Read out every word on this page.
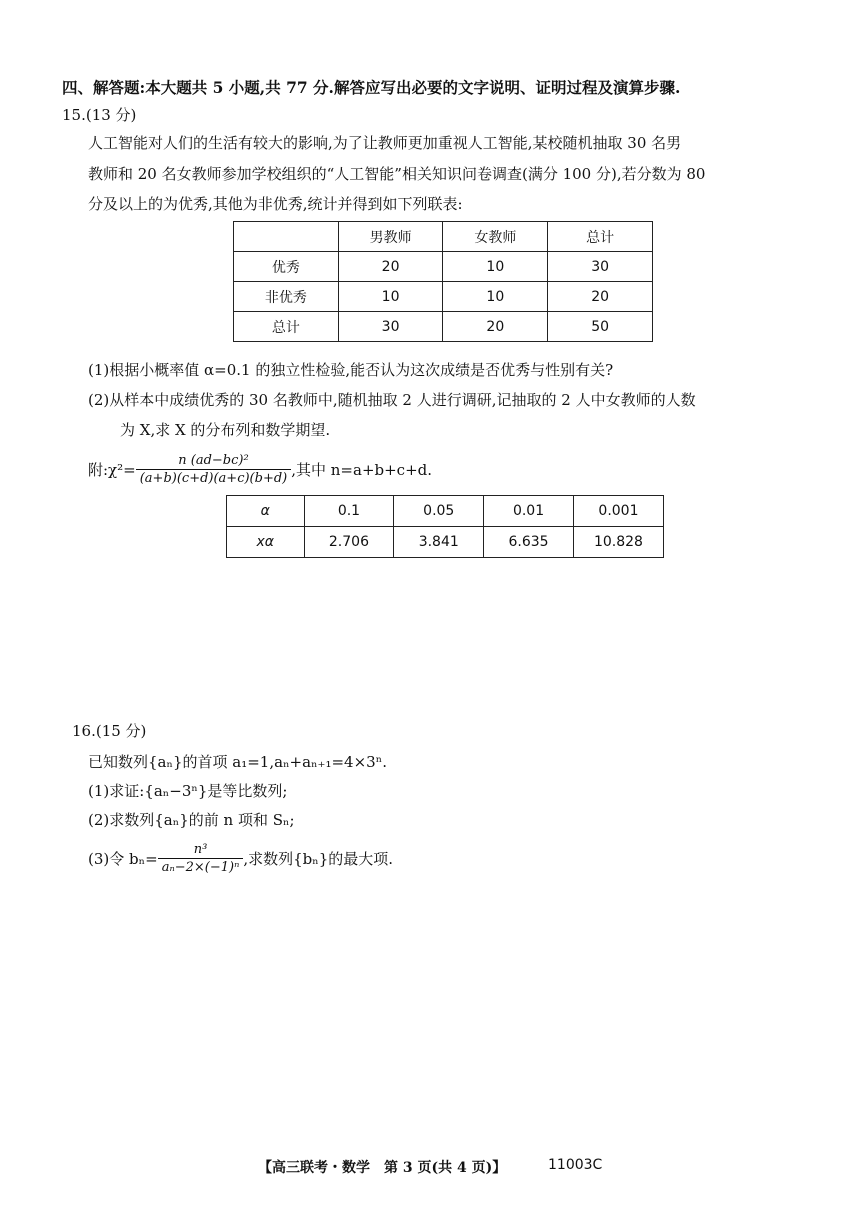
四、解答题:本大题共 5 小题,共 77 分.解答应写出必要的文字说明、证明过程及演算步骤.
15.(13 分)
人工智能对人们的生活有较大的影响,为了让教师更加重视人工智能,某校随机抽取 30 名男
教师和 20 名女教师参加学校组织的“人工智能”相关知识问卷调查(满分 100 分),若分数为 80
分及以上的为优秀,其他为非优秀,统计并得到如下列联表:
	男教师	女教师	总计
优秀	20	10	30
非优秀	10	10	20
总计	30	20	50
(1)根据小概率值 α=0.1 的独立性检验,能否认为这次成绩是否优秀与性别有关?
(2)从样本中成绩优秀的 30 名教师中,随机抽取 2 人进行调研,记抽取的 2 人中女教师的人数
为 X,求 X 的分布列和数学期望.
附:χ²= $\frac{\text{n (ad−bc)²}}{(a+b)(c+d)(a+c)(b+d)}$ ,其中 n=a+b+c+d.
α	0.1	0.05	0.01	0.001
xα	2.706	3.841	6.635	10.828
16.(15 分)
已知数列{aₙ}的首项 a₁=1,aₙ+aₙ₊₁=4×3ⁿ.
(1)求证:{aₙ−3ⁿ}是等比数列;
(2)求数列{aₙ}的前 n 项和 Sₙ;
(3)令 $b_n= \frac{\text{n³}}{\text{aₙ−2×(−1)ⁿ}}$ ,求数列{bₙ}的最大项.
【高三联考・数学　第 3 页(共 4 页)】	11003C
